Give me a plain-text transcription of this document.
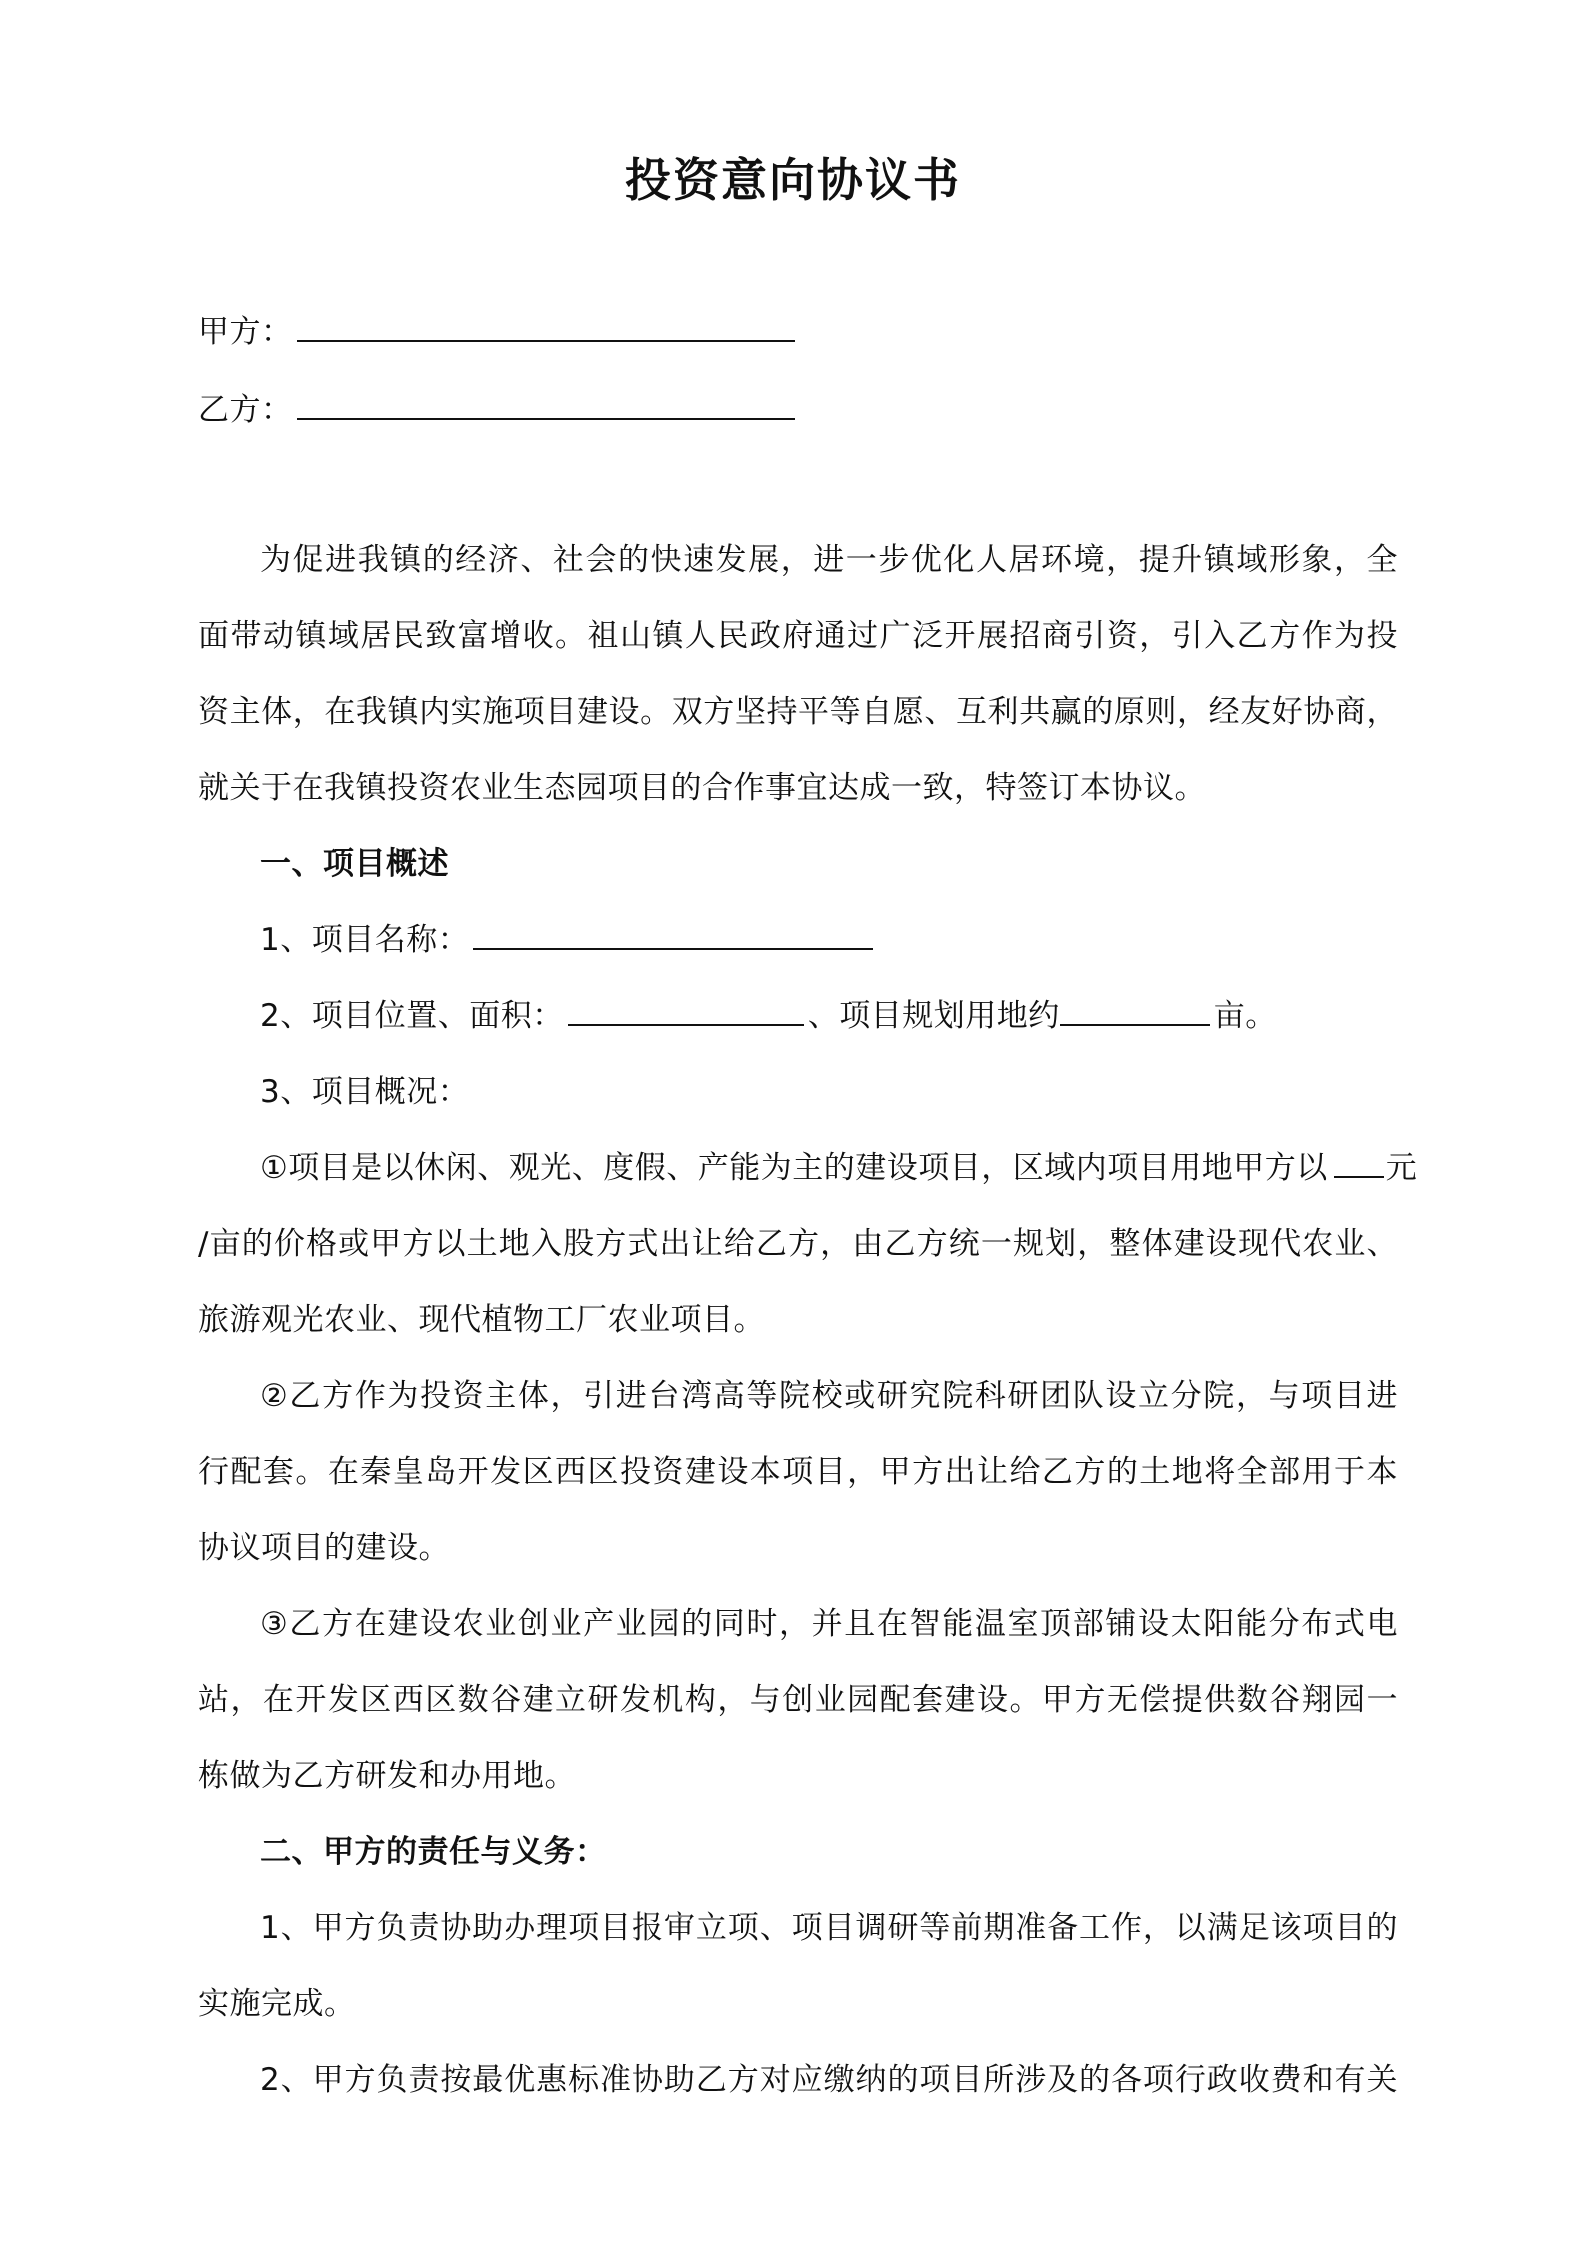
投资意向协议书
甲方：
乙方：
为促进我镇的经济、社会的快速发展，进一步优化人居环境，提升镇域形象，全
面带动镇域居民致富增收。祖山镇人民政府通过广泛开展招商引资，引入乙方作为投
资主体，在我镇内实施项目建设。双方坚持平等自愿、互利共赢的原则，经友好协商，
就关于在我镇投资农业生态园项目的合作事宜达成一致，特签订本协议。
一、项目概述
1、项目名称：
2、项目位置、面积：	、项目规划用地约	亩。
3、项目概况：
①项目是以休闲、观光、度假、产能为主的建设项目，区域内项目用地甲方以 元
/亩的价格或甲方以土地入股方式出让给乙方，由乙方统一规划，整体建设现代农业、
旅游观光农业、现代植物工厂农业项目。
②乙方作为投资主体，引进台湾高等院校或研究院科研团队设立分院，与项目进
行配套。在秦皇岛开发区西区投资建设本项目，甲方出让给乙方的土地将全部用于本
协议项目的建设。
③乙方在建设农业创业产业园的同时，并且在智能温室顶部铺设太阳能分布式电
站，在开发区西区数谷建立研发机构，与创业园配套建设。甲方无偿提供数谷翔园一
栋做为乙方研发和办用地。
二、甲方的责任与义务：
1、甲方负责协助办理项目报审立项、项目调研等前期准备工作，以满足该项目的
实施完成。
2、甲方负责按最优惠标准协助乙方对应缴纳的项目所涉及的各项行政收费和有关
